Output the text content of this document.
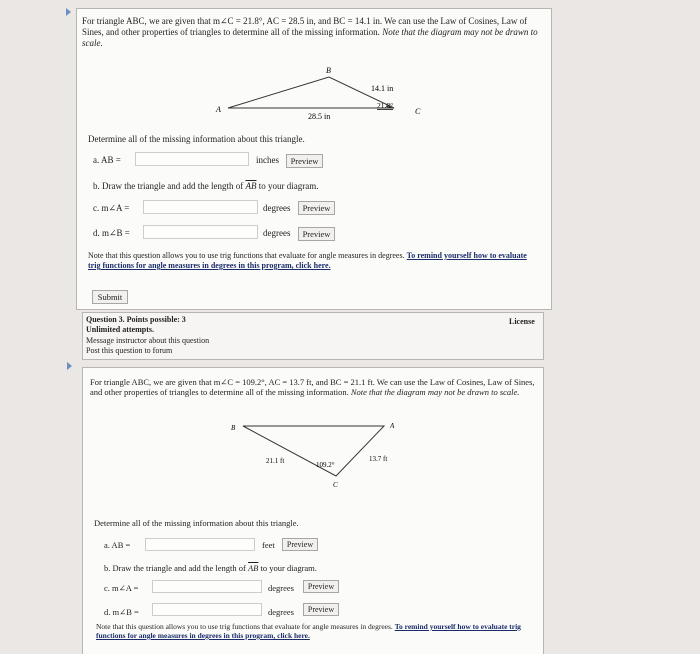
For triangle ABC, we are given that m∠C = 21.8°, AC = 28.5 in, and BC = 14.1 in. We can use the Law of Cosines, Law of Sines, and other properties of triangles to determine all of the missing information. Note that the diagram may not be drawn to scale.
A
B
C
14.1 in
21.8°
28.5 in
Determine all of the missing information about this triangle.
a. AB =	inches	Preview
b. Draw the triangle and add the length of $\overline{AB}$ to your diagram.
c. m∠A =	degrees	Preview
d. m∠B =	degrees	Preview
Note that this question allows you to use trig functions that evaluate for angle measures in degrees. To remind yourself how to evaluate trig functions for angle measures in degrees in this program, click here.
Submit
Question 3. Points possible: 3
Unlimited attempts.
Message instructor about this question
Post this question to forum
License
For triangle ABC, we are given that m∠C = 109.2°, AC = 13.7 ft, and BC = 21.1 ft. We can use the Law of Cosines, Law of Sines, and other properties of triangles to determine all of the missing information. Note that the diagram may not be drawn to scale.
B	A
C
21.1 ft	109.2°
13.7 ft
Determine all of the missing information about this triangle.
a. AB =	feet	Preview
b. Draw the triangle and add the length of $\overline{AB}$ to your diagram.
c. m∠A =	degrees	Preview
d. m∠B =	degrees	Preview
Note that this question allows you to use trig functions that evaluate for angle measures in degrees. To remind yourself how to evaluate trig functions for angle measures in degrees in this program, click here.
